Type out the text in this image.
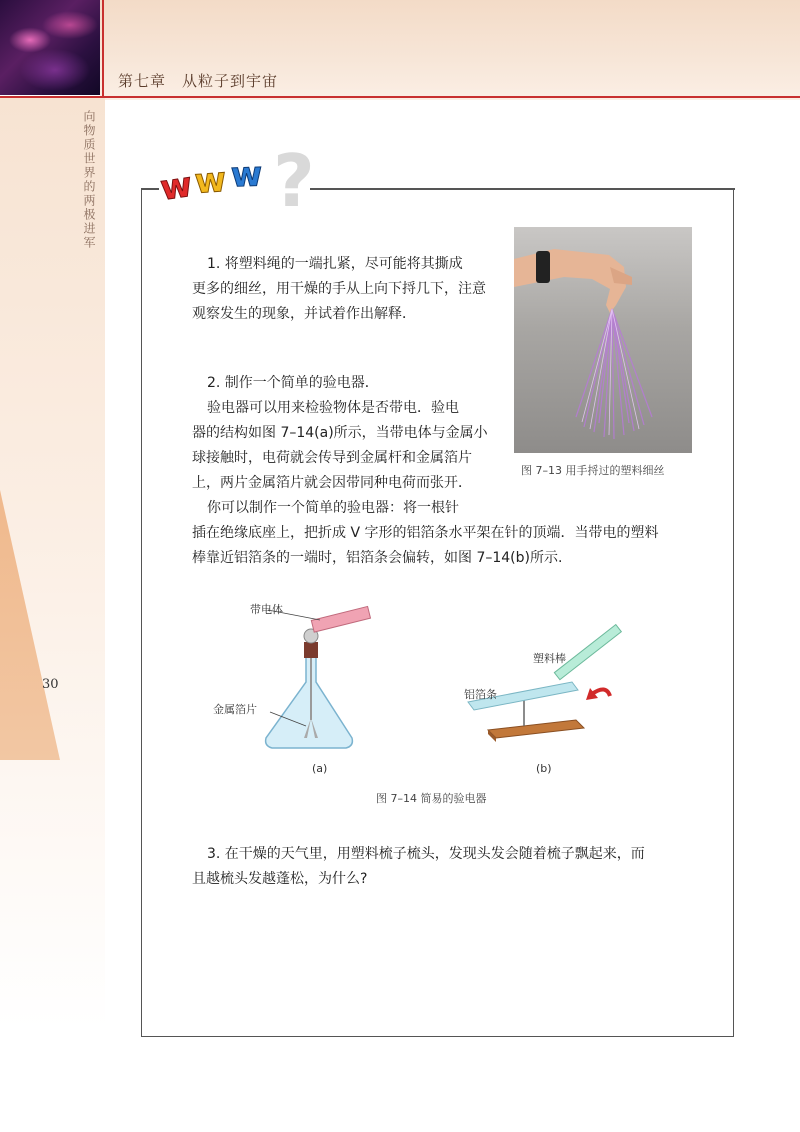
第七章　从粒子到宇宙
向物质世界的两极进军
30
?
w
w w
1. 将塑料绳的一端扎紧，尽可能将其撕成
更多的细丝，用干燥的手从上向下捋几下，注意
观察发生的现象，并试着作出解释．
图 7–13 用手捋过的塑料细丝
2. 制作一个简单的验电器．
验电器可以用来检验物体是否带电．验电
器的结构如图 7–14(a)所示，当带电体与金属小
球接触时，电荷就会传导到金属杆和金属箔片
上，两片金属箔片就会因带同种电荷而张开．
你可以制作一个简单的验电器：将一根针
插在绝缘底座上，把折成 V 字形的铝箔条水平架在针的顶端．当带电的塑料
棒靠近铝箔条的一端时，铝箔条会偏转，如图 7–14(b)所示.
带电体
金属箔片
(a)
塑料棒
铝箔条
(b)
图 7–14 简易的验电器
3. 在干燥的天气里，用塑料梳子梳头，发现头发会随着梳子飘起来，而
且越梳头发越蓬松，为什么?
